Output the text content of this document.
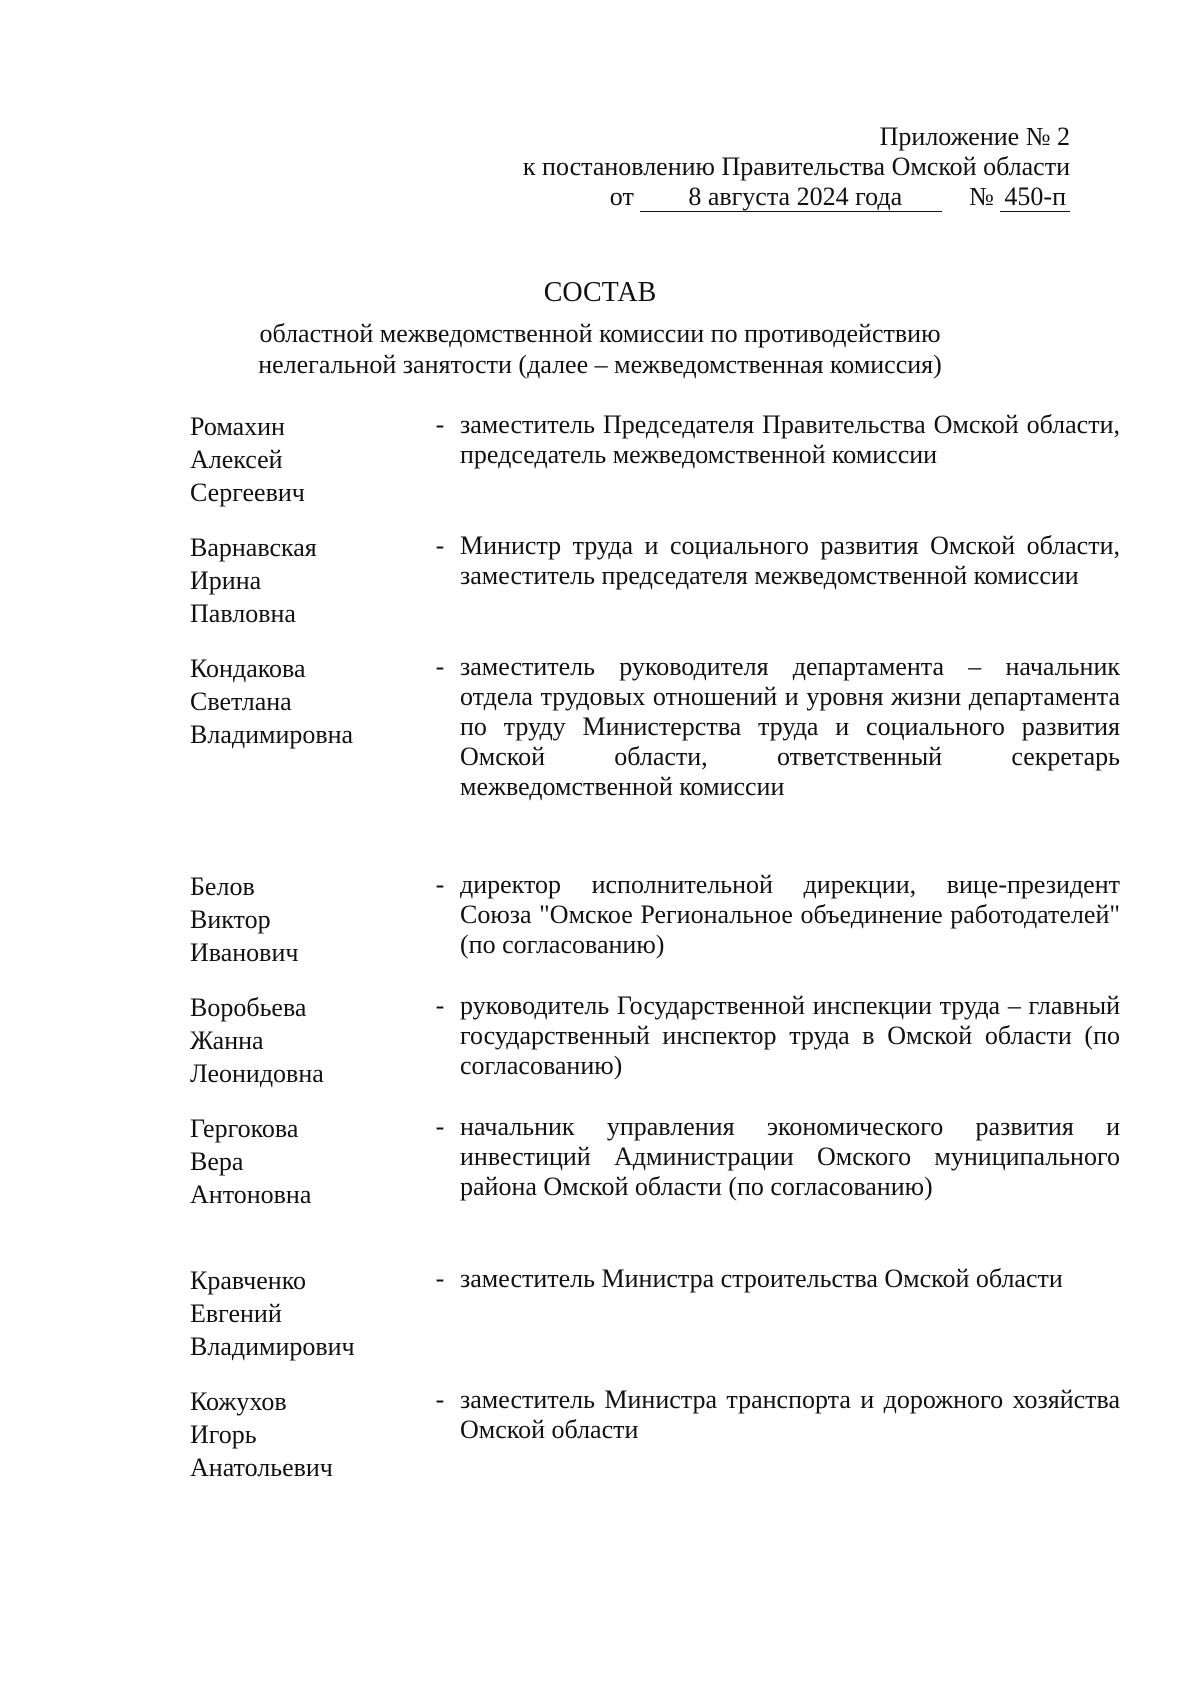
Приложение № 2
к постановлению Правительства Омской области
от 8 августа 2024 года	№ 450-п
СОСТАВ
областной межведомственной комиссии по противодействию
нелегальной занятости (далее – межведомственная комиссия)
Ромахин
Алексей
Сергеевич
- заместитель Председателя Правительства Омской области, председатель межведомственной комиссии
Варнавская
Ирина
Павловна
- Министр труда и социального развития Омской области, заместитель председателя межведомственной комиссии
Кондакова
Светлана
Владимировна
- заместитель руководителя департамента – начальник отдела трудовых отношений и уровня жизни департамента по труду Министерства труда и социального развития Омской области, ответственный секретарь межведомственной комиссии
Белов
Виктор
Иванович
- директор исполнительной дирекции, вице-президент Союза "Омское Региональное объединение работодателей" (по согласованию)
Воробьева
Жанна
Леонидовна
- руководитель Государственной инспекции труда – главный государственный инспектор труда в Омской области (по согласованию)
Гергокова
Вера
Антоновна
- начальник управления экономического развития и инвестиций Администрации Омского муниципального района Омской области (по согласованию)
Кравченко
Евгений
Владимирович
- заместитель Министра строительства Омской области
Кожухов
Игорь
Анатольевич
- заместитель Министра транспорта и дорожного хозяйства Омской области
